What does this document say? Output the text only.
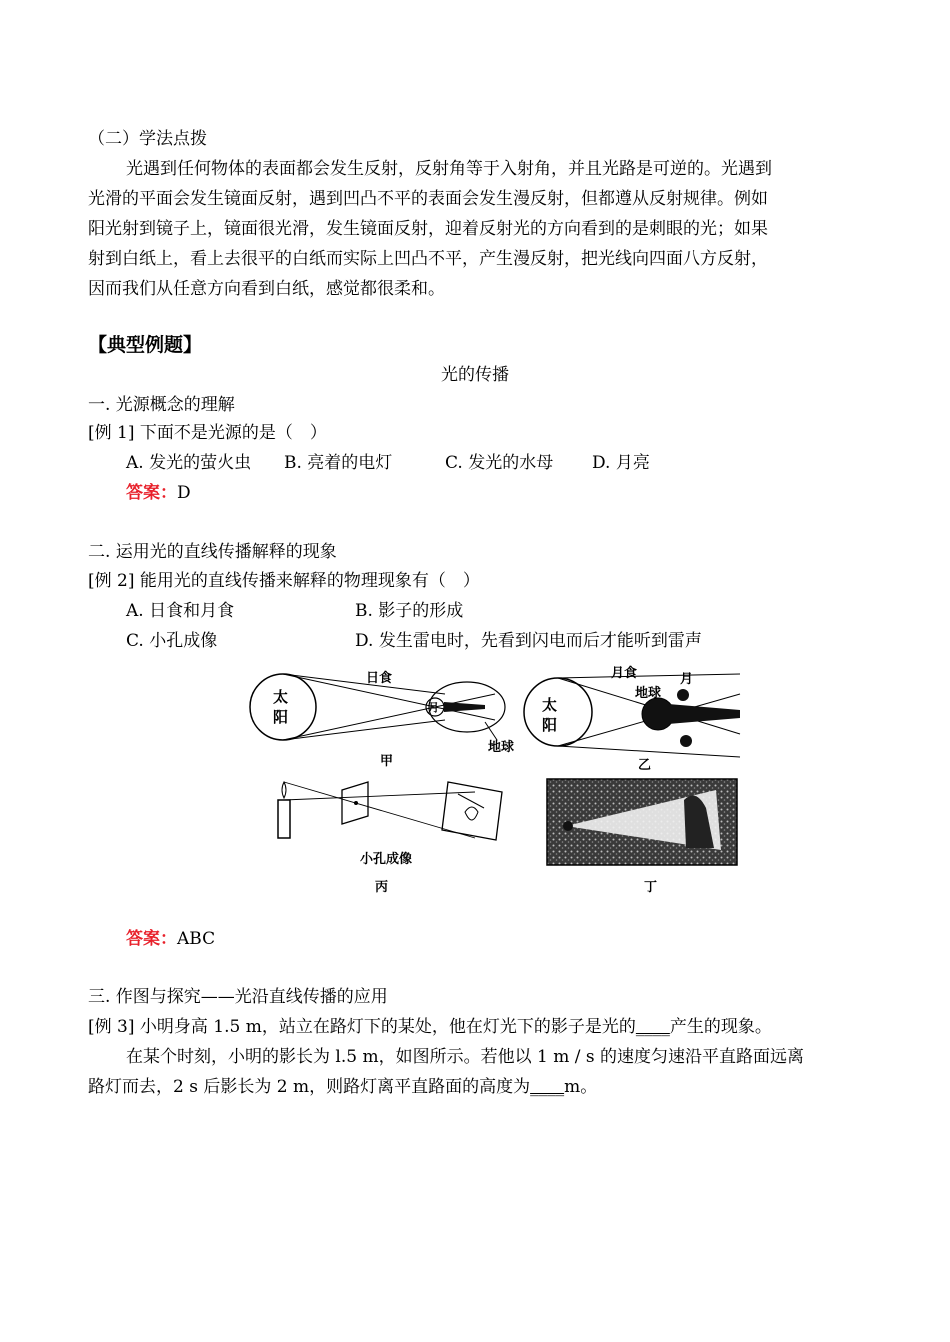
（二）学法点拨
光遇到任何物体的表面都会发生反射，反射角等于入射角，并且光路是可逆的。光遇到
光滑的平面会发生镜面反射，遇到凹凸不平的表面会发生漫反射，但都遵从反射规律。例如
阳光射到镜子上，镜面很光滑，发生镜面反射，迎着反射光的方向看到的是刺眼的光；如果
射到白纸上，看上去很平的白纸而实际上凹凸不平，产生漫反射，把光线向四面八方反射，
因而我们从任意方向看到白纸，感觉都很柔和。
【典型例题】
光的传播
一. 光源概念的理解
[例 1] 下面不是光源的是（　）
A. 发光的萤火虫 B. 亮着的电灯	C. 发光的水母 D. 月亮
答案：D
二. 运用光的直线传播解释的现象
[例 2] 能用光的直线传播来解释的物理现象有（　）
A. 日食和月食	B. 影子的形成
C. 小孔成像	D. 发生雷电时，先看到闪电而后才能听到雷声
日食
太
阳
月
地球
甲
月食	月
地球
太
阳
乙
小孔成像
丙	丁
答案：ABC
三. 作图与探究——光沿直线传播的应用
[例 3] 小明身高 1.5 m，站立在路灯下的某处，他在灯光下的影子是光的____产生的现象。
在某个时刻，小明的影长为 l.5 m，如图所示。若他以 1 m / s 的速度匀速沿平直路面远离
路灯而去，2 s 后影长为 2 m，则路灯离平直路面的高度为____m。
